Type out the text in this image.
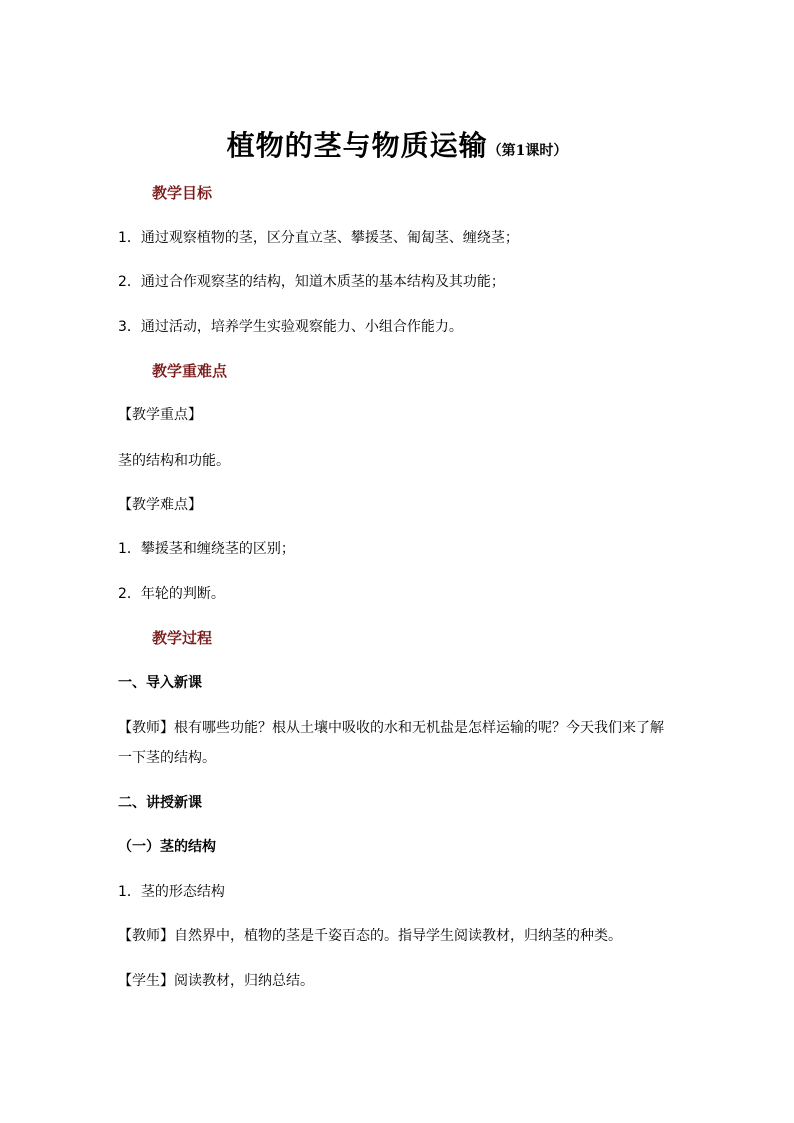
植物的茎与物质运输（第1课时）
教学目标
1．通过观察植物的茎，区分直立茎、攀援茎、匍匐茎、缠绕茎；
2．通过合作观察茎的结构，知道木质茎的基本结构及其功能；
3．通过活动，培养学生实验观察能力、小组合作能力。
教学重难点
【教学重点】
茎的结构和功能。
【教学难点】
1．攀援茎和缠绕茎的区别；
2．年轮的判断。
教学过程
一、导入新课
【教师】根有哪些功能？根从土壤中吸收的水和无机盐是怎样运输的呢？今天我们来了解
一下茎的结构。
二、讲授新课
（一）茎的结构
1．茎的形态结构
【教师】自然界中，植物的茎是千姿百态的。指导学生阅读教材，归纳茎的种类。
【学生】阅读教材，归纳总结。
